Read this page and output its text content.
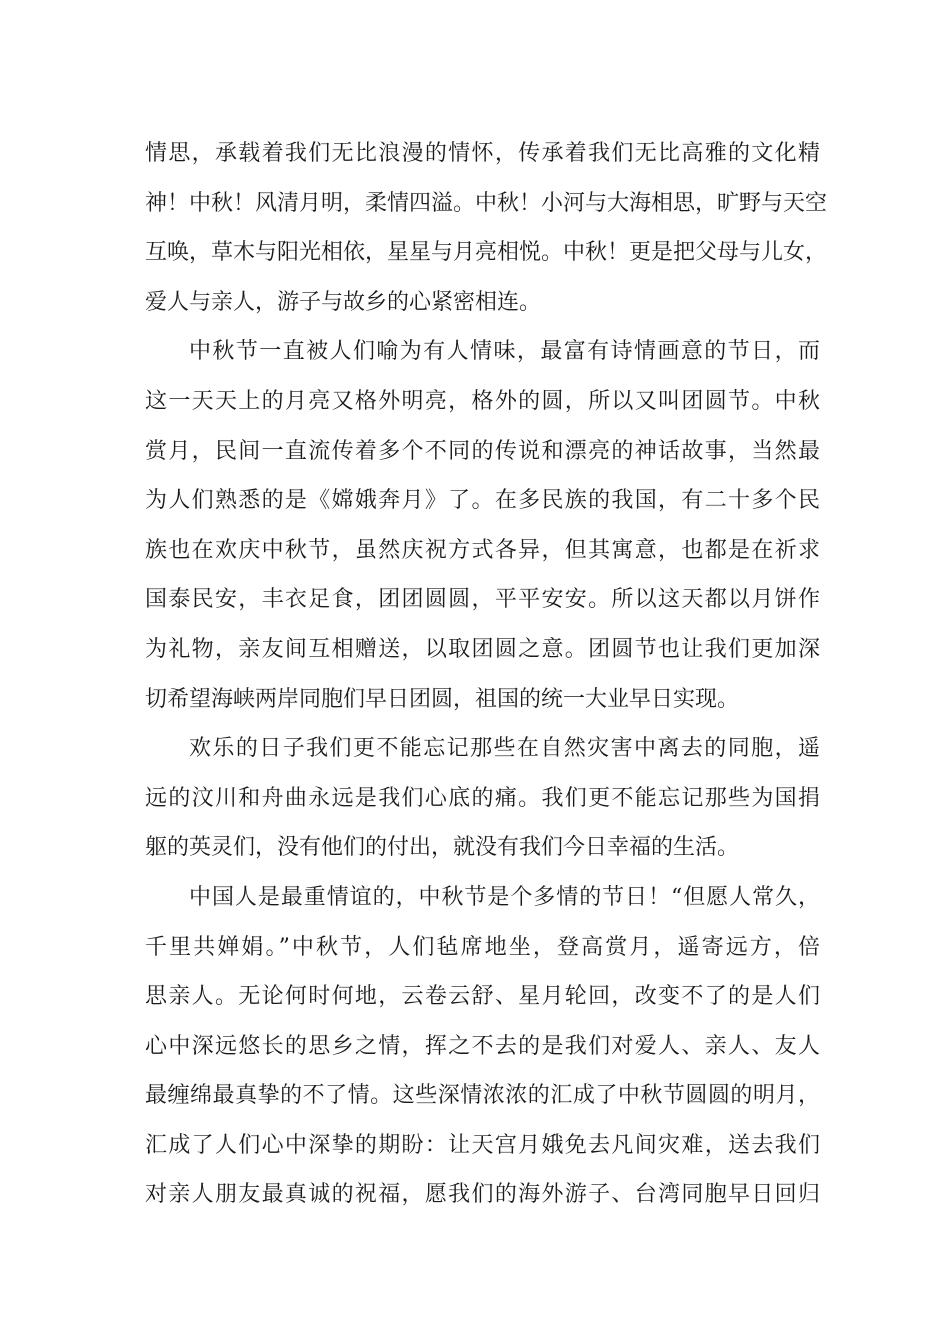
情思，承载着我们无比浪漫的情怀，传承着我们无比高雅的文化精
神！中秋！风清月明，柔情四溢。中秋！小河与大海相思，旷野与天空
互唤，草木与阳光相依，星星与月亮相悦。中秋！更是把父母与儿女，
爱人与亲人，游子与故乡的心紧密相连。
中秋节一直被人们喻为有人情味，最富有诗情画意的节日，而
这一天天上的月亮又格外明亮，格外的圆，所以又叫团圆节。中秋
赏月，民间一直流传着多个不同的传说和漂亮的神话故事，当然最
为人们熟悉的是《嫦娥奔月》了。在多民族的我国，有二十多个民
族也在欢庆中秋节，虽然庆祝方式各异，但其寓意，也都是在祈求
国泰民安，丰衣足食，团团圆圆，平平安安。所以这天都以月饼作
为礼物，亲友间互相赠送，以取团圆之意。团圆节也让我们更加深
切希望海峡两岸同胞们早日团圆，祖国的统一大业早日实现。
欢乐的日子我们更不能忘记那些在自然灾害中离去的同胞，遥
远的汶川和舟曲永远是我们心底的痛。我们更不能忘记那些为国捐
躯的英灵们，没有他们的付出，就没有我们今日幸福的生活。
中国人是最重情谊的，中秋节是个多情的节日！“但愿人常久，
千里共婵娟。”中秋节，人们毡席地坐，登高赏月，遥寄远方，倍
思亲人。无论何时何地，云卷云舒、星月轮回，改变不了的是人们
心中深远悠长的思乡之情，挥之不去的是我们对爱人、亲人、友人
最缠绵最真挚的不了情。这些深情浓浓的汇成了中秋节圆圆的明月，
汇成了人们心中深挚的期盼：让天宫月娥免去凡间灾难，送去我们
对亲人朋友最真诚的祝福，愿我们的海外游子、台湾同胞早日回归
